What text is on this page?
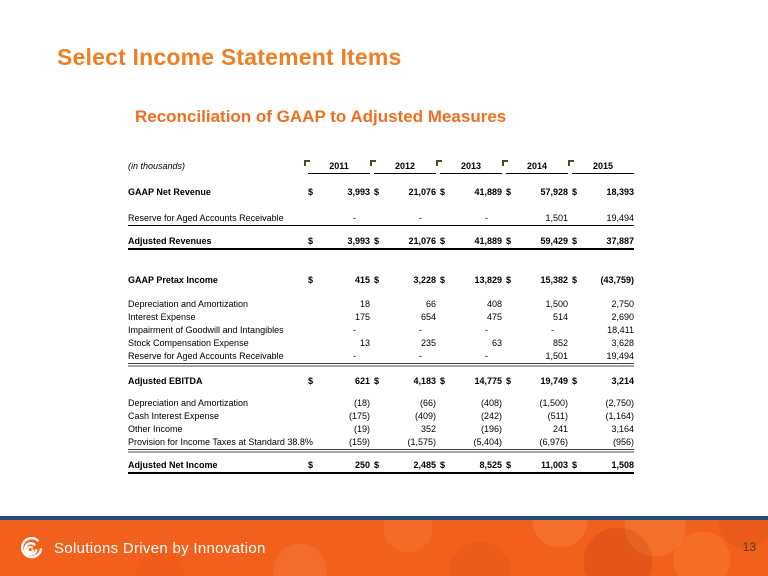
Select Income Statement Items
Reconciliation of GAAP to Adjusted Measures
(in thousands)	2011	2012	2013	2014	2015
GAAP Net Revenue	$	3,993 $	21,076 $	41,889 $	57,928 $	18,393
Reserve for Aged Accounts Receivable	-	-	-	1,501	19,494
Adjusted Revenues	$	3,993 $	21,076 $	41,889 $	59,429 $	37,887
GAAP Pretax Income	$	415 $	3,228 $	13,829 $	15,382 $	(43,759)
Depreciation and Amortization	18	66	408	1,500	2,750
Interest Expense	175	654	475	514	2,690
Impairment of Goodwill and Intangibles	-	-	-	-	18,411
Stock Compensation Expense	13	235	63	852	3,628
Reserve for Aged Accounts Receivable	-	-	-	1,501	19,494
Adjusted EBITDA	$	621 $	4,183 $	14,775 $	19,749 $	3,214
Depreciation and Amortization	(18)	(66)	(408)	(1,500)	(2,750)
Cash Interest Expense	(175)	(409)	(242)	(511)	(1,164)
Other Income	(19)	352	(196)	241	3,164
Provision for Income Taxes at Standard 38.8%	(159)	(1,575)	(5,404)	(6,976)	(956)
Adjusted Net Income	$	250 $	2,485 $	8,525 $	11,003 $	1,508
Solutions Driven by Innovation	13
